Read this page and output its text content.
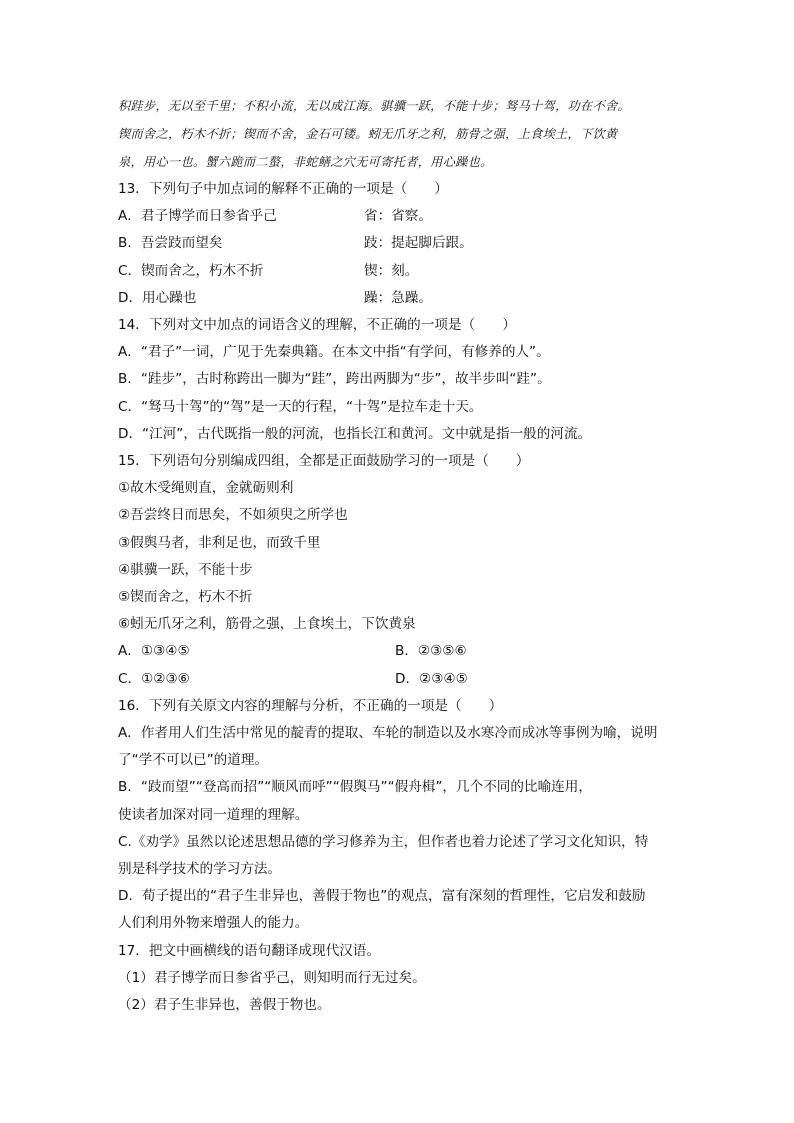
积跬步，无以至千里；不积小流，无以成江海。骐骥一跃，不能十步；驽马十驾，功在不舍。
锲而舍之，朽木不折；锲而不舍，金石可镂。蚓无爪牙之利，筋骨之强，上食埃土，下饮黄
泉，用心一也。蟹六跪而二螯，非蛇鳝之穴无可寄托者，用心躁也。
13．下列句子中加点词的解释不正确的一项是（　　）
A．君子博学而日参省乎己	省：省察。
B．吾尝跂而望矣	跂：提起脚后跟。
C．锲而舍之，朽木不折	锲：刻。
D．用心躁也	躁：急躁。
14．下列对文中加点的词语含义的理解，不正确的一项是（　　）
A．“君子”一词，广见于先秦典籍。在本文中指“有学问，有修养的人”。
B．“跬步”，古时称跨出一脚为“跬”，跨出两脚为“步”，故半步叫“跬”。
C．“驽马十驾”的“驾”是一天的行程，“十驾”是拉车走十天。
D．“江河”，古代既指一般的河流，也指长江和黄河。文中就是指一般的河流。
15．下列语句分别编成四组，全都是正面鼓励学习的一项是（　　）
①故木受绳则直，金就砺则利
②吾尝终日而思矣，不如须臾之所学也
③假舆马者，非利足也，而致千里
④骐骥一跃，不能十步
⑤锲而舍之，朽木不折
⑥蚓无爪牙之利，筋骨之强，上食埃土，下饮黄泉
A．①③④⑤	B．②③⑤⑥
C．①②③⑥	D．②③④⑤
16．下列有关原文内容的理解与分析，不正确的一项是（　　）
A．作者用人们生活中常见的靛青的提取、车轮的制造以及水寒冷而成冰等事例为喻，说明
了“学不可以已”的道理。
B．“跂而望”“登高而招”“顺风而呼”“假舆马”“假舟楫”，几个不同的比喻连用，
使读者加深对同一道理的理解。
C.《劝学》虽然以论述思想品德的学习修养为主，但作者也着力论述了学习文化知识，特
别是科学技术的学习方法。
D．荀子提出的“君子生非异也，善假于物也”的观点，富有深刻的哲理性，它启发和鼓励
人们利用外物来增强人的能力。
17．把文中画横线的语句翻译成现代汉语。
（1）君子博学而日参省乎己，则知明而行无过矣。
（2）君子生非异也，善假于物也。
